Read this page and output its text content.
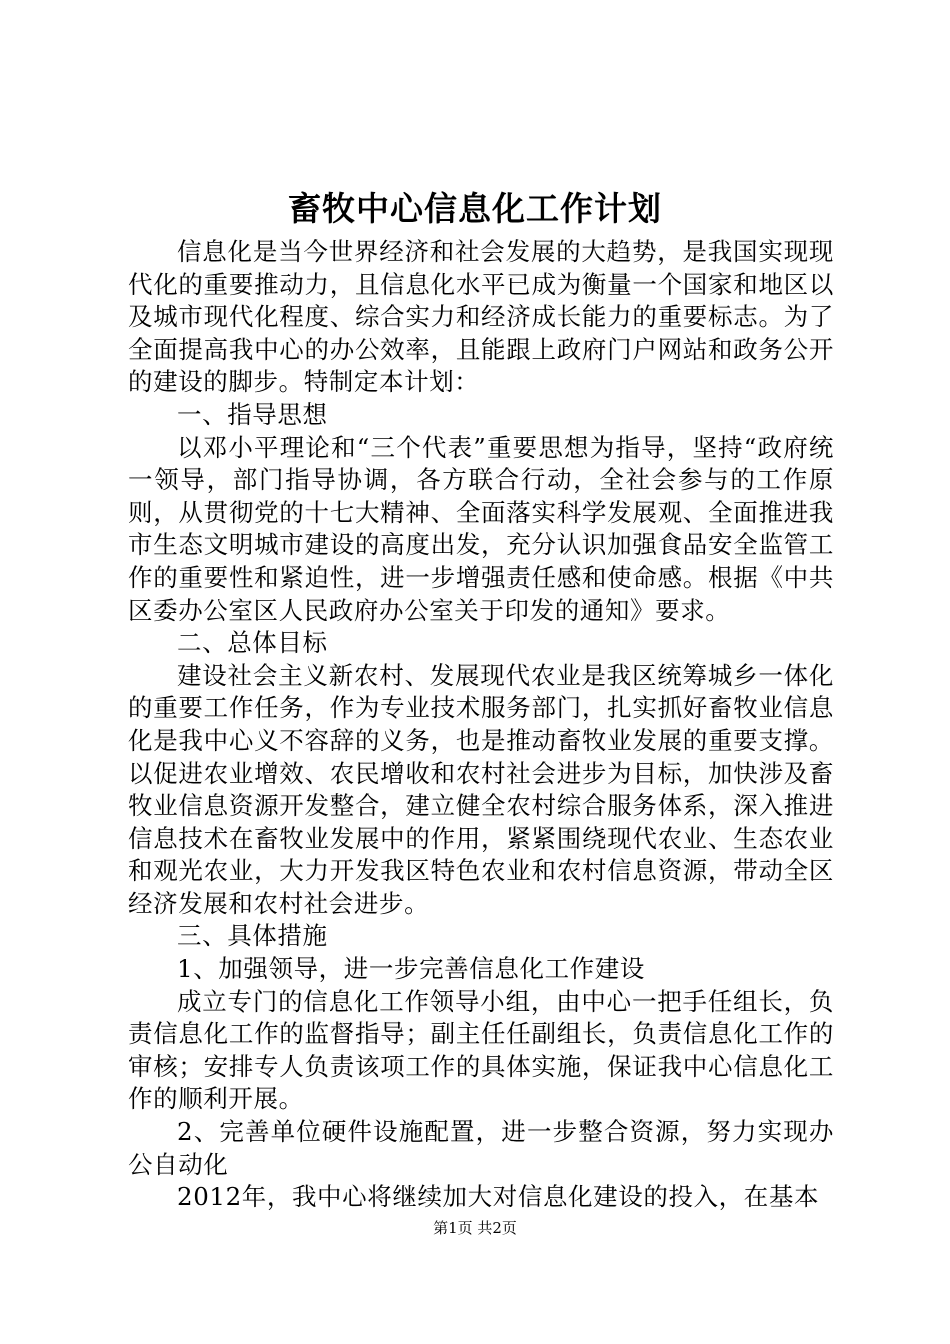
畜牧中心信息化工作计划

信息化是当今世界经济和社会发展的大趋势，是我国实现现代化的重要推动力，且信息化水平已成为衡量一个国家和地区以及城市现代化程度、综合实力和经济成长能力的重要标志。为了全面提高我中心的办公效率，且能跟上政府门户网站和政务公开的建设的脚步。特制定本计划：

一、指导思想

以邓小平理论和“三个代表”重要思想为指导，坚持“政府统一领导，部门指导协调，各方联合行动，全社会参与的工作原则，从贯彻党的十七大精神、全面落实科学发展观、全面推进我市生态文明城市建设的高度出发，充分认识加强食品安全监管工作的重要性和紧迫性，进一步增强责任感和使命感。根据《中共区委办公室区人民政府办公室关于印发的通知》要求。

二、总体目标

建设社会主义新农村、发展现代农业是我区统筹城乡一体化的重要工作任务，作为专业技术服务部门，扎实抓好畜牧业信息化是我中心义不容辞的义务，也是推动畜牧业发展的重要支撑。以促进农业增效、农民增收和农村社会进步为目标，加快涉及畜牧业信息资源开发整合，建立健全农村综合服务体系，深入推进信息技术在畜牧业发展中的作用，紧紧围绕现代农业、生态农业和观光农业，大力开发我区特色农业和农村信息资源，带动全区经济发展和农村社会进步。

三、具体措施

1、加强领导，进一步完善信息化工作建设

成立专门的信息化工作领导小组，由中心一把手任组长，负责信息化工作的监督指导；副主任任副组长，负责信息化工作的审核；安排专人负责该项工作的具体实施，保证我中心信息化工作的顺利开展。

2、完善单位硬件设施配置，进一步整合资源，努力实现办公自动化

2012年，我中心将继续加大对信息化建设的投入，在基本

第1页 共2页
